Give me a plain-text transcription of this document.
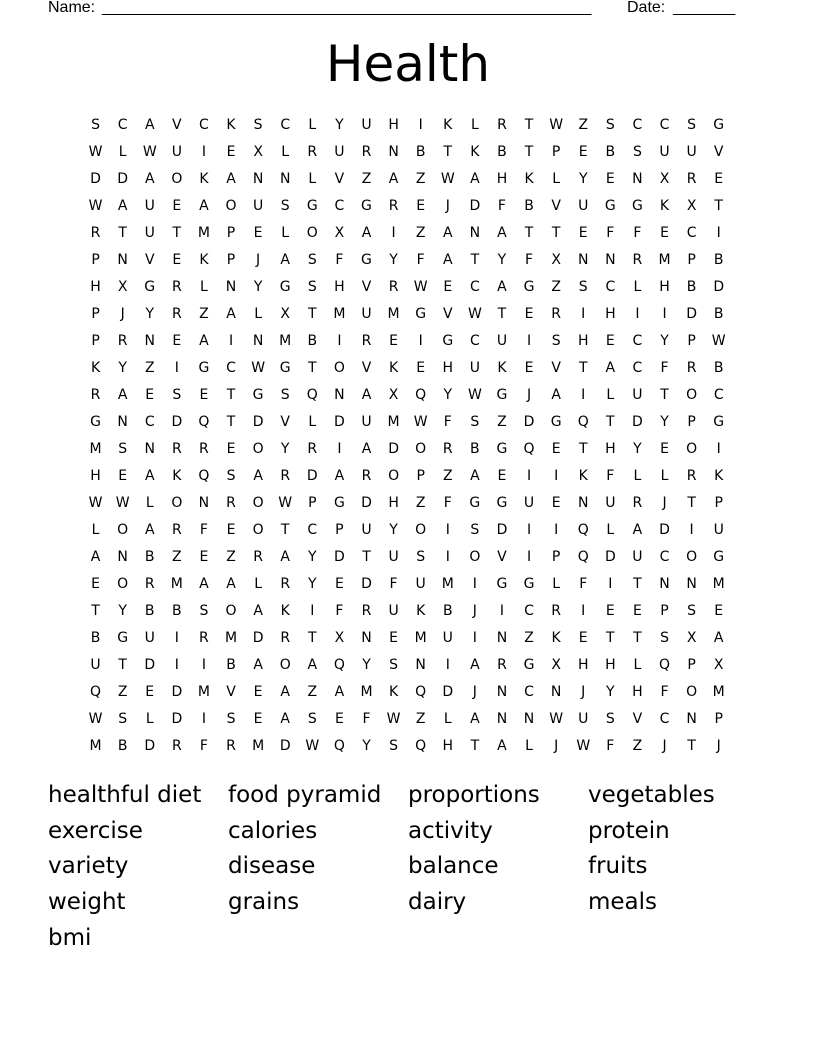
Name: _______________________________________________________ Date: _______
Health
S	C	A	V	C	K	S	C	L	Y	U	H	I	K	L	R	T	W	Z	S	C	C	S	G
W	L	W	U	I	E	X	L	R	U	R	N	B	T	K	B	T	P	E	B	S	U	U	V
D	D	A	O	K	A	N	N	L	V	Z	A	Z	W	A	H	K	L	Y	E	N	X	R	E
W	A	U	E	A	O	U	S	G	C	G	R	E	J	D	F	B	V	U	G	G	K	X	T
R	T	U	T	M	P	E	L	O	X	A	I	Z	A	N	A	T	T	E	F	F	E	C	I
P	N	V	E	K	P	J	A	S	F	G	Y	F	A	T	Y	F	X	N	N	R	M	P	B
H	X	G	R	L	N	Y	G	S	H	V	R	W	E	C	A	G	Z	S	C	L	H	B	D
P	J	Y	R	Z	A	L	X	T	M	U	M	G	V	W	T	E	R	I	H	I	I	D	B
P	R	N	E	A	I	N	M	B	I	R	E	I	G	C	U	I	S	H	E	C	Y	P	W
K	Y	Z	I	G	C	W	G	T	O	V	K	E	H	U	K	E	V	T	A	C	F	R	B
R	A	E	S	E	T	G	S	Q	N	A	X	Q	Y	W	G	J	A	I	L	U	T	O	C
G	N	C	D	Q	T	D	V	L	D	U	M	W	F	S	Z	D	G	Q	T	D	Y	P	G
M	S	N	R	R	E	O	Y	R	I	A	D	O	R	B	G	Q	E	T	H	Y	E	O	I
H	E	A	K	Q	S	A	R	D	A	R	O	P	Z	A	E	I	I	K	F	L	L	R	K
W W	L	O	N	R	O	W	P	G	D	H	Z	F	G	G	U	E	N	U	R	J	T	P
L	O	A	R	F	E	O	T	C	P	U	Y	O	I	S	D	I	I	Q	L	A	D	I	U
A	N	B	Z	E	Z	R	A	Y	D	T	U	S	I	O	V	I	P	Q	D	U	C	O	G
E	O	R	M	A	A	L	R	Y	E	D	F	U	M	I	G	G	L	F	I	T	N	N	M
T	Y	B	B	S	O	A	K	I	F	R	U	K	B	J	I	C	R	I	E	E	P	S	E
B	G	U	I	R	M	D	R	T	X	N	E	M	U	I	N	Z	K	E	T	T	S	X	A
U	T	D	I	I	B	A	O	A	Q	Y	S	N	I	A	R	G	X	H	H	L	Q	P	X
Q	Z	E	D	M	V	E	A	Z	A	M	K	Q	D	J	N	C	N	J	Y	H	F	O	M
W	S	L	D	I	S	E	A	S	E	F	W	Z	L	A	N	N	W	U	S	V	C	N	P
M	B	D	R	F	R	M	D	W	Q	Y	S	Q	H	T	A	L	J	W	F	Z	J	T	J
healthful diet	food pyramid	proportions	vegetables
exercise	calories	activity	protein
variety	disease	balance	fruits
weight	grains	dairy	meals
bmi
